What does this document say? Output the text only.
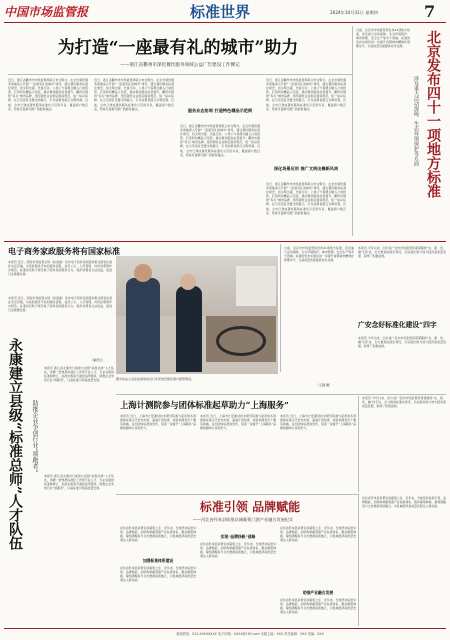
中国市场监管报	标准世界	2024年10月31日 星期四	7
为打造“一座最有礼的城市”助力
——浙江省衢州市深化餐饮服务领域公益广告建设工作侧记
近日，浙江省衢州市市场监管局联合市文明办，在全市餐饮服务领域深入开展“一座最有礼的城市”建设，通过餐饮服务标准化建设，将文明出餐、光盘行动、公筷公勺等理念融入日常经营，打造特色精品示范街，推动餐饮服务质量提升。衢州市围绕“有礼”城市品牌，组织餐饮企业制定服务规范，统一标识标牌，在示范街区设置文明提示，引导消费者践行文明用餐。目前，全市已建成餐饮服务标准化示范街多条，覆盖商户数百家，形成可复制可推广的经验做法。
近日，浙江省衢州市市场监管局联合市文明办，在全市餐饮服务领域深入开展“一座最有礼的城市”建设，通过餐饮服务标准化建设，将文明出餐、光盘行动、公筷公勺等理念融入日常经营，打造特色精品示范街，推动餐饮服务质量提升。衢州市围绕“有礼”城市品牌，组织餐饮企业制定服务规范，统一标识标牌，在示范街区设置文明提示，引导消费者践行文明用餐。目前，全市已建成餐饮服务标准化示范街多条，覆盖商户数百家，形成可复制可推广的经验做法。	服务业态协同 打造特色精品示范街
近日，浙江省衢州市市场监管局联合市文明办，在全市餐饮服务领域深入开展“一座最有礼的城市”建设，通过餐饮服务标准化建设，将文明出餐、光盘行动、公筷公勺等理念融入日常经营，打造特色精品示范街，推动餐饮服务质量提升。衢州市围绕“有礼”城市品牌，组织餐饮企业制定服务规范，统一标识标牌，在示范街区设置文明提示，引导消费者践行文明用餐。目前，全市已建成餐饮服务标准化示范街多条，覆盖商户数百家，形成可复制可推广的经验做法。
深化场景应用 推广文明出餐新风尚
近日，浙江省衢州市市场监管局联合市文明办，在全市餐饮服务领域深入开展“一座最有礼的城市”建设，通过餐饮服务标准化建设，将文明出餐、光盘行动、公筷公勺等理念融入日常经营，打造特色精品示范街，推动餐饮服务质量提升。衢州市围绕“有礼”城市品牌，组织餐饮企业制定服务规范，统一标识标牌，在示范街区设置文明提示，引导消费者践行文明用餐。目前，全市已建成餐饮服务标准化示范街多条，覆盖商户数百家，形成可复制可推广的经验做法。
近日，浙江省衢州市市场监管局联合市文明办，在全市餐饮服务领域深入开展“一座最有礼的城市”建设，通过餐饮服务标准化建设，将文明出餐、光盘行动、公筷公勺等理念融入日常经营，打造特色精品示范街，推动餐饮服务质量提升。衢州市围绕“有礼”城市品牌，组织餐饮企业制定服务规范，统一标识标牌，在示范街区设置文明提示，引导消费者践行文明用餐。目前，全市已建成餐饮服务标准化示范街多条，覆盖商户数百家，形成可复制可推广的经验做法。
日前，北京市市场监管局发布41项地方标准，涉及重大活动保障、生态环境保护、城市管理、安全生产等多个领域。标准的发布实施将进一步提升首都城市精细化管理水平，为高质量发展提供技术支撑。	北京发布四十一项地方标准
涉及重大活动保障、生态环境保护等方面
电子商务家政服务将有国家标准
本报讯 近日，国家市场监管总局（标准委）发布电子商务家政服务相关国家标准征求意见稿，对家政服务平台的服务流程、信息公示、人员管理、纠纷处理等作出规范。标准将有助于规范电子商务家政服务行为，保护消费者合法权益，促进行业健康发展。
本报讯 近日，国家市场监管总局（标准委）发布电子商务家政服务相关国家标准征求意见稿，对家政服务平台的服务流程、信息公示、人员管理、纠纷处理等作出规范。标准将有助于规范电子商务家政服务行为，保护消费者合法权益，促进行业健康发展。
（潘君达）
图为执法人员在检查电动自行车充电设施及商户经营情况。
（王越 摄）
日前，北京市市场监管局发布41项地方标准，涉及重大活动保障、生态环境保护、城市管理、安全生产等多个领域。标准的发布实施将进一步提升首都城市精细化管理水平，为高质量发展提供技术支撑。
广安念好标准化建设“四字
本报讯 今年以来，四川省广安市市场监管局紧紧围绕“实、新、优、融”四字诀，全力推进标准化建设，以标准化助力地方经济高质量发展，取得了积极成效。
本报讯 今年以来，四川省广安市市场监管局紧紧围绕“实、新、优、融”四字诀，全力推进标准化建设，以标准化助力地方经济高质量发展，取得了积极成效。
永康建立县级“标准总师”人才队伍	助推企业争创行业“领跑者”
本报讯 浙江省永康市日前建立县级“标准总师”人才队伍，选聘一批熟悉标准化工作的专业人才，为企业提供标准制修订、标准实施等方面的指导服务，助推企业争创行业“领跑者”，以高标准引领高质量发展。
本报讯 浙江省永康市日前建立县级“标准总师”人才队伍，选聘一批熟悉标准化工作的专业人才，为企业提供标准制修订、标准实施等方面的指导服务，助推企业争创行业“领跑者”，以高标准引领高质量发展。
上海计测院参与团体标准起草助力“上海服务”
本报讯 近日，上海市计量测试技术研究院参与起草的多项团体标准正式发布实施，涵盖计量校准、检验检测等多个服务领域。这些团体标准的发布，将进一步提升“上海服务”品牌的影响力和竞争力。
本报讯 近日，上海市计量测试技术研究院参与起草的多项团体标准正式发布实施，涵盖计量校准、检验检测等多个服务领域。这些团体标准的发布，将进一步提升“上海服务”品牌的影响力和竞争力。
本报讯 近日，上海市计量测试技术研究院参与起草的多项团体标准正式发布实施，涵盖计量校准、检验检测等多个服务领域。这些团体标准的发布，将进一步提升“上海服务”品牌的影响力和竞争力。
本报讯 今年以来，四川省广安市市场监管局紧紧围绕“实、新、优、融”四字诀，全力推进标准化建设，以标准化助力地方经济高质量发展，取得了积极成效。
标准引领 品牌赋能
——河北省怀来县助推县城葡萄门酒产业融合发展纪实
河北省怀来县是著名的葡萄之乡，近年来，当地坚持标准引领、品牌赋能，加快构建葡萄酒产业标准体系，推动葡萄种植、葡萄酒酿造与文化旅游深度融合，为县域经济高质量发展注入新动能。
加强标准体系建设
河北省怀来县是著名的葡萄之乡，近年来，当地坚持标准引领、品牌赋能，加快构建葡萄酒产业标准体系，推动葡萄种植、葡萄酒酿造与文化旅游深度融合，为县域经济高质量发展注入新动能。
实现“品牌扬帆”战略
河北省怀来县是著名的葡萄之乡，近年来，当地坚持标准引领、品牌赋能，加快构建葡萄酒产业标准体系，推动葡萄种植、葡萄酒酿造与文化旅游深度融合，为县域经济高质量发展注入新动能。
助推产业融合发展
河北省怀来县是著名的葡萄之乡，近年来，当地坚持标准引领、品牌赋能，加快构建葡萄酒产业标准体系，推动葡萄种植、葡萄酒酿造与文化旅游深度融合，为县域经济高质量发展注入新动能。
河北省怀来县是著名的葡萄之乡，近年来，当地坚持标准引领、品牌赋能，加快构建葡萄酒产业标准体系，推动葡萄种植、葡萄酒酿造与文化旅游深度融合，为县域经济高质量发展注入新动能。
河北省怀来县是著名的葡萄之乡，近年来，当地坚持标准引领、品牌赋能，加快构建葡萄酒产业标准体系，推动葡萄种植、葡萄酒酿造与文化旅游深度融合，为县域经济高质量发展注入新动能。
新闻热线：010-XXXXXXXX 电子信箱：XXXX@163.com 本版主编：XXX 责任编辑：XXX 美编：XXX
